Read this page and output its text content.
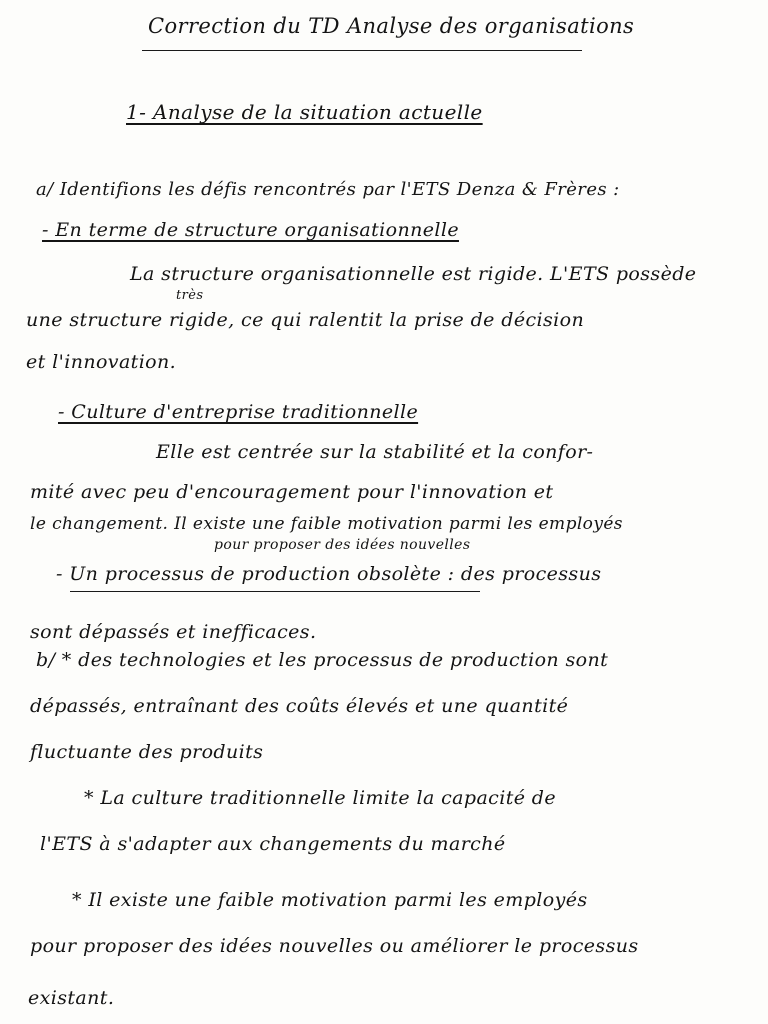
Correction du TD Analyse des organisations
1- Analyse de la situation actuelle
a/ Identifions les défis rencontrés par l'ETS Denza & Frères :
- En terme de structure organisationnelle
La structure organisationnelle est rigide. L'ETS possède
très
une structure rigide, ce qui ralentit la prise de décision
et l'innovation.
- Culture d'entreprise traditionnelle
Elle est centrée sur la stabilité et la confor-
mité avec peu d'encouragement pour l'innovation et
le changement. Il existe une faible motivation parmi les employés
pour proposer des idées nouvelles
- Un processus de production obsolète : des processus
sont dépassés et inefficaces.
b/ * des technologies et les processus de production sont
dépassés, entraînant des coûts élevés et une quantité
fluctuante des produits
* La culture traditionnelle limite la capacité de
l'ETS à s'adapter aux changements du marché
* Il existe une faible motivation parmi les employés
pour proposer des idées nouvelles ou améliorer le processus
existant.
